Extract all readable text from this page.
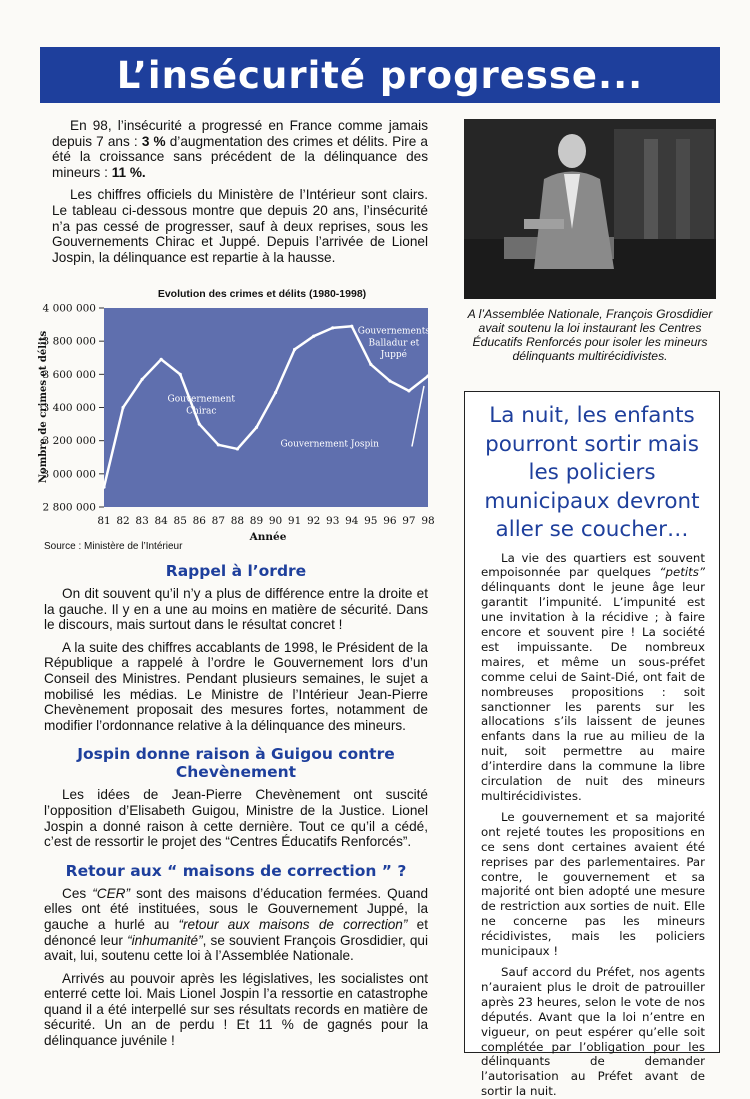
L’insécurité progresse...

En 98, l’insécurité a progressé en France comme jamais depuis 7 ans : 3 % d’augmentation des crimes et délits. Pire a été la croissance sans précédent de la délinquance des mineurs : 11 %.

Les chiffres officiels du Ministère de l’Intérieur sont clairs. Le tableau ci-dessous montre que depuis 20 ans, l’insécurité n’a pas cessé de progresser, sauf à deux reprises, sous les Gouvernements Chirac et Juppé. Depuis l’arrivée de Lionel Jospin, la délinquance est repartie à la hausse.

Evolution des crimes et délits (1980-1998)
Nombre de crimes et délits
Année
4 000 000
3 800 000
3 600 000
3 400 000
3 200 000
3 000 000
2 800 000
81 82 83 84 85 86 87 88 89 90 91 92 93 94 95 96 97 98
Gouvernement
Chirac
Gouvernements
Balladur et
Juppé
Gouvernement Jospin
Source : Ministère de l’Intérieur
Rappel à l’ordre

On dit souvent qu’il n’y a plus de différence entre la droite et la gauche. Il y en a une au moins en matière de sécurité. Dans le discours, mais surtout dans le résultat concret !

A la suite des chiffres accablants de 1998, le Président de la République a rappelé à l’ordre le Gouvernement lors d’un Conseil des Ministres. Pendant plusieurs semaines, le sujet a mobilisé les médias. Le Ministre de l’Intérieur Jean-Pierre Chevènement proposait des mesures fortes, notamment de modifier l’ordonnance relative à la délinquance des mineurs.

Jospin donne raison à Guigou contre Chevènement

Les idées de Jean-Pierre Chevènement ont suscité l’opposition d’Elisabeth Guigou, Ministre de la Justice. Lionel Jospin a donné raison à cette dernière. Tout ce qu’il a cédé, c’est de ressortir le projet des “Centres Éducatifs Renforcés”.

Retour aux “ maisons de correction ” ?

Ces “CER” sont des maisons d’éducation fermées. Quand elles ont été instituées, sous le Gouvernement Juppé, la gauche a hurlé au “retour aux maisons de correction” et dénoncé leur “inhumanité”, se souvient François Grosdidier, qui avait, lui, soutenu cette loi à l’Assemblée Nationale.

Arrivés au pouvoir après les législatives, les socialistes ont enterré cette loi. Mais Lionel Jospin l’a ressortie en catastrophe quand il a été interpellé sur ses résultats records en matière de sécurité. Un an de perdu ! Et 11 % de gagnés pour la délinquance juvénile !

A l’Assemblée Nationale, François Grosdidier avait soutenu la loi instaurant les Centres Éducatifs Renforcés pour isoler les mineurs délinquants multirécidivistes.
La nuit, les enfants pourront sortir mais les policiers municipaux devront aller se coucher…

La vie des quartiers est souvent empoisonnée par quelques “petits” délinquants dont le jeune âge leur garantit l’impunité. L’impunité est une invitation à la récidive ; à faire encore et souvent pire ! La société est impuissante. De nombreux maires, et même un sous-préfet comme celui de Saint-Dié, ont fait de nombreuses propositions : soit sanctionner les parents sur les allocations s’ils laissent de jeunes enfants dans la rue au milieu de la nuit, soit permettre au maire d’interdire dans la commune la libre circulation de nuit des mineurs multirécidivistes.

Le gouvernement et sa majorité ont rejeté toutes les propositions en ce sens dont certaines avaient été reprises par des parlementaires. Par contre, le gouvernement et sa majorité ont bien adopté une mesure de restriction aux sorties de nuit. Elle ne concerne pas les mineurs récidivistes, mais les policiers municipaux !

Sauf accord du Préfet, nos agents n’auraient plus le droit de patrouiller après 23 heures, selon le vote de nos députés. Avant que la loi n’entre en vigueur, on peut espérer qu’elle soit complétée par l’obligation pour les délinquants de demander l’autorisation au Préfet avant de sortir la nuit.
